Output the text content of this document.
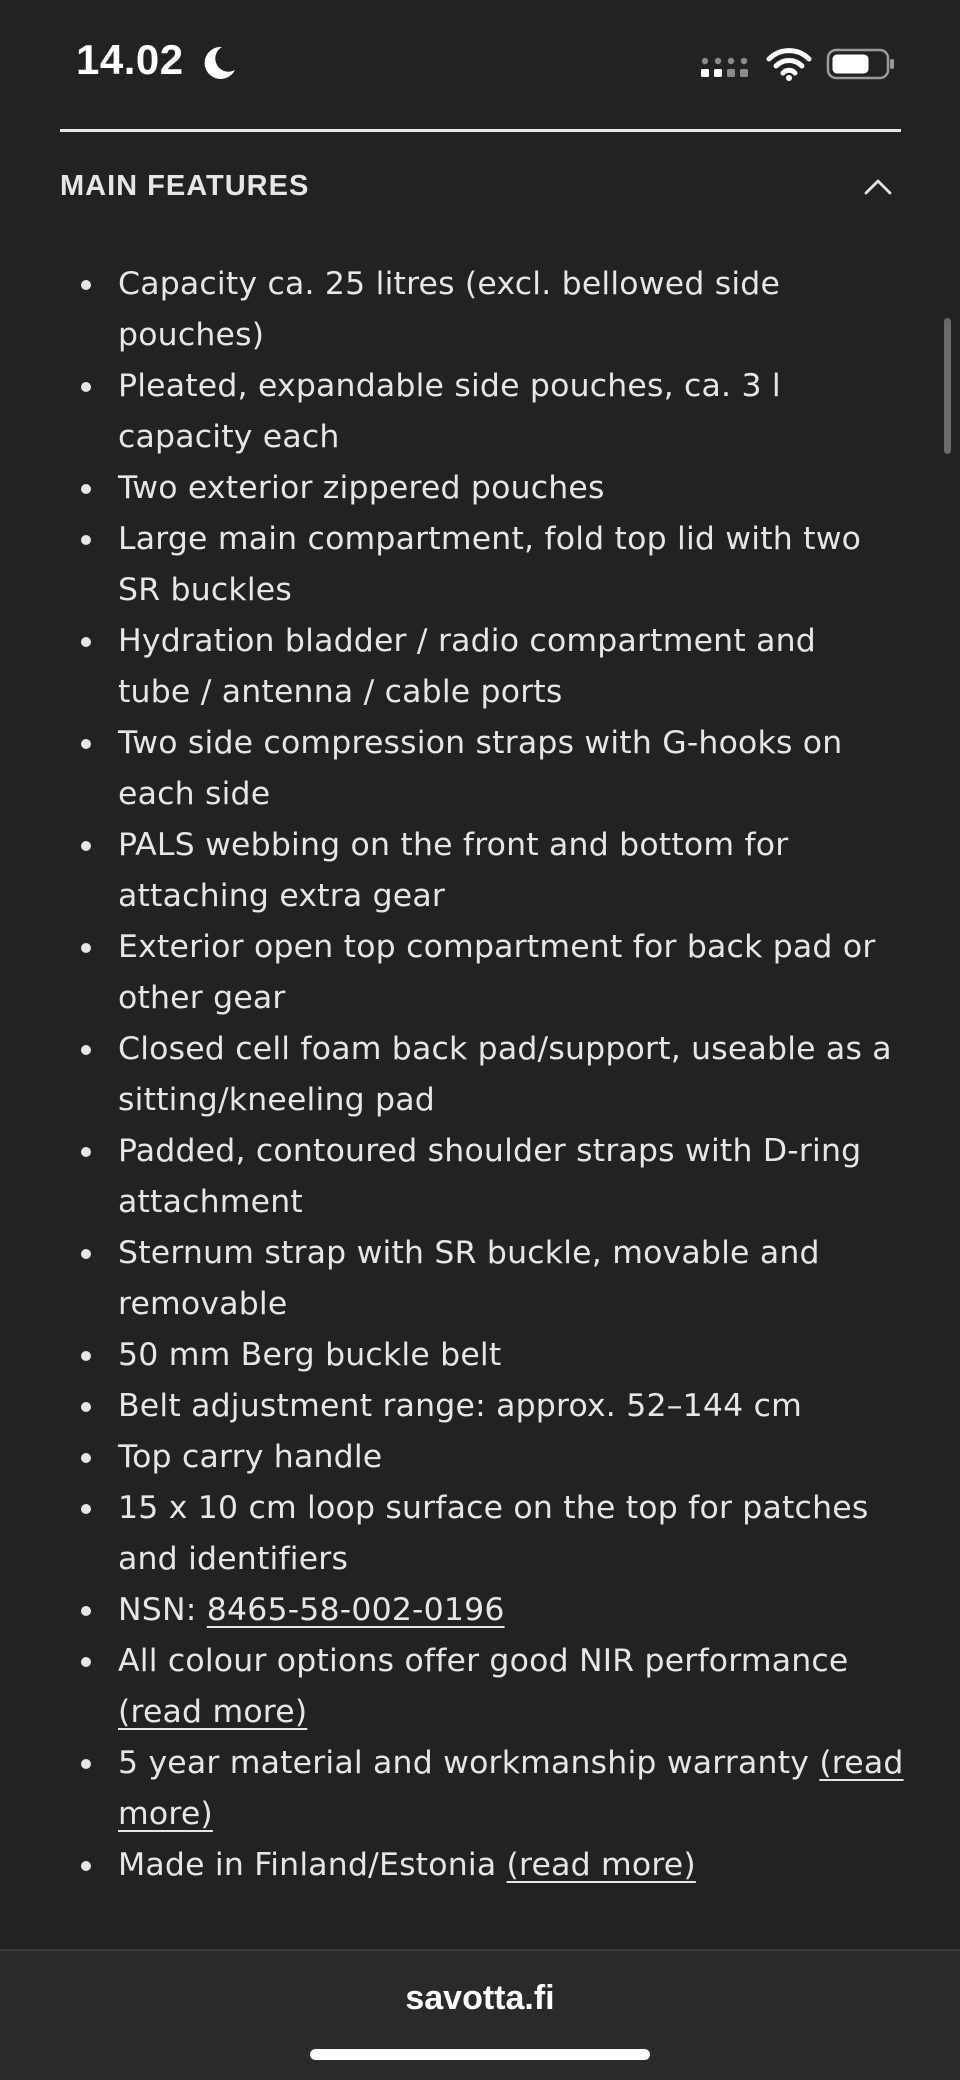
14.02
MAIN FEATURES
Capacity ca. 25 litres (excl. bellowed side
pouches)
Pleated, expandable side pouches, ca. 3 l
capacity each
Two exterior zippered pouches
Large main compartment, fold top lid with two
SR buckles
Hydration bladder / radio compartment and
tube / antenna / cable ports
Two side compression straps with G-hooks on
each side
PALS webbing on the front and bottom for
attaching extra gear
Exterior open top compartment for back pad or
other gear
Closed cell foam back pad/support, useable as a
sitting/kneeling pad
Padded, contoured shoulder straps with D-ring
attachment
Sternum strap with SR buckle, movable and
removable
50 mm Berg buckle belt
Belt adjustment range: approx. 52–144 cm
Top carry handle
15 x 10 cm loop surface on the top for patches
and identifiers
NSN: 8465-58-002-0196
All colour options offer good NIR performance
(read more)
5 year material and workmanship warranty (read
more)
Made in Finland/Estonia (read more)
savotta.fi
